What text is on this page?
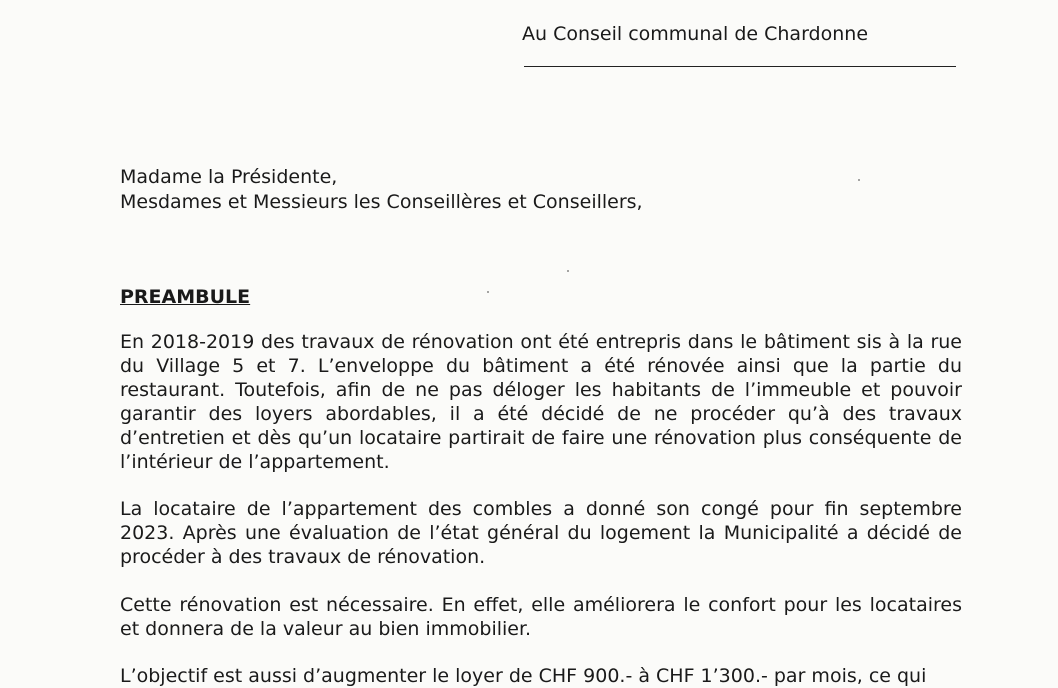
Au Conseil communal de Chardonne
Madame la Présidente,
Mesdames et Messieurs les Conseillères et Conseillers,
PREAMBULE

En 2018-2019 des travaux de rénovation ont été entrepris dans le bâtiment sis à la rue du Village 5 et 7. L’enveloppe du bâtiment a été rénovée ainsi que la partie du restaurant. Toutefois, afin de ne pas déloger les habitants de l’immeuble et pouvoir garantir des loyers abordables, il a été décidé de ne procéder qu’à des travaux d’entretien et dès qu’un locataire partirait de faire une rénovation plus conséquente de l’intérieur de l’appartement.

La locataire de l’appartement des combles a donné son congé pour fin septembre 2023. Après une évaluation de l’état général du logement la Municipalité a décidé de procéder à des travaux de rénovation.

Cette rénovation est nécessaire. En effet, elle améliorera le confort pour les locataires et donnera de la valeur au bien immobilier.

L’objectif est aussi d’augmenter le loyer de CHF 900.- à CHF 1’300.- par mois, ce qui
